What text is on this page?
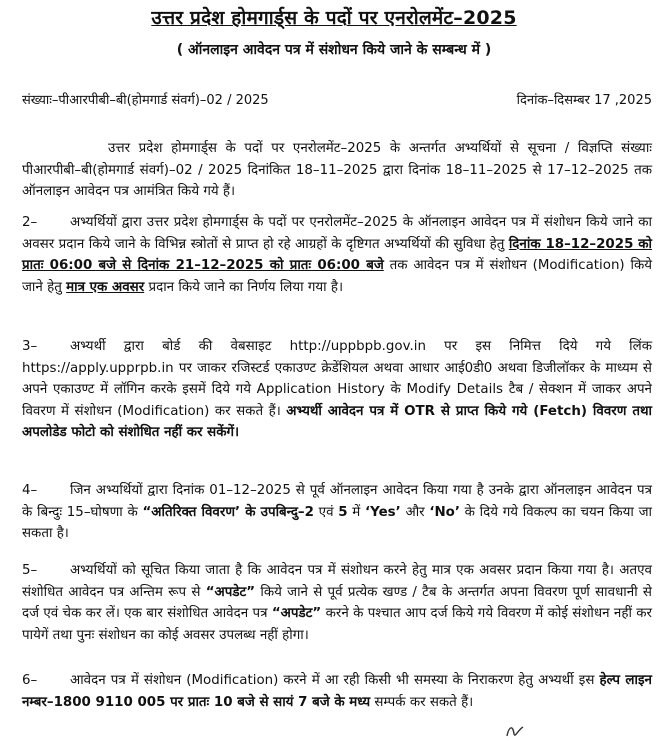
उत्तर प्रदेश होमगार्ड्स के पदों पर एनरोलमेंट–2025
( ऑनलाइन आवेदन पत्र में संशोधन किये जाने के सम्बन्ध में )
संख्याः–पीआरपीबी–बी(होमगार्ड संवर्ग)–02 / 2025	दिनांक–दिसम्बर 17 ,2025

उत्तर प्रदेश होमगार्ड्स के पदों पर एनरोलमेंट–2025 के अन्तर्गत अभ्यर्थियों से सूचना / विज्ञप्ति संख्याः पीआरपीबी–बी(होमगार्ड संवर्ग)–02 / 2025 दिनांकित 18–11–2025 द्वारा दिनांक 18–11–2025 से 17–12–2025 तक ऑनलाइन आवेदन पत्र आमंत्रित किये गये हैं।

2– अभ्यर्थियों द्वारा उत्तर प्रदेश होमगार्ड्स के पदों पर एनरोलमेंट–2025 के ऑनलाइन आवेदन पत्र में संशोधन किये जाने का अवसर प्रदान किये जाने के विभिन्न स्त्रोतों से प्राप्त हो रहे आग्रहों के दृष्टिगत अभ्यर्थियों की सुविधा हेतु दिनांक 18–12–2025 को प्रातः 06:00 बजे से दिनांक 21–12–2025 को प्रातः 06:00 बजे तक आवेदन पत्र में संशोधन (Modification) किये जाने हेतु मात्र एक अवसर प्रदान किये जाने का निर्णय लिया गया है।

3– अभ्यर्थी द्वारा बोर्ड की वेबसाइट http://uppbpb.gov.in पर इस निमित्त दिये गये लिंक https://apply.upprpb.in पर जाकर रजिस्टर्ड एकाउण्ट क्रेडेंशियल अथवा आधार आई0डी0 अथवा डिजीलॉकर के माध्यम से अपने एकाउण्ट में लॉगिन करके इसमें दिये गये Application History के Modify Details टैब / सेक्शन में जाकर अपने विवरण में संशोधन (Modification) कर सकते हैं। अभ्यर्थी आवेदन पत्र में OTR से प्राप्त किये गये (Fetch) विवरण तथा अपलोडेड फोटो को संशोधित नहीं कर सकेंगें।

4– जिन अभ्यर्थियों द्वारा दिनांक 01–12–2025 से पूर्व ऑनलाइन आवेदन किया गया है उनके द्वारा ऑनलाइन आवेदन पत्र के बिन्दुः 15–घोषणा के “अतिरिक्त विवरण’ के उपबिन्दु–2 एवं 5 में ‘Yes’ और ‘No’ के दिये गये विकल्प का चयन किया जा सकता है।

5– अभ्यर्थियों को सूचित किया जाता है कि आवेदन पत्र में संशोधन करने हेतु मात्र एक अवसर प्रदान किया गया है। अतएव संशोधित आवेदन पत्र अन्तिम रूप से “अपडेट” किये जाने से पूर्व प्रत्येक खण्ड / टैब के अन्तर्गत अपना विवरण पूर्ण सावधानी से दर्ज एवं चेक कर लें। एक बार संशोधित आवेदन पत्र “अपडेट” करने के पश्चात आप दर्ज किये गये विवरण में कोई संशोधन नहीं कर पायेगें तथा पुनः संशोधन का कोई अवसर उपलब्ध नहीं होगा।

6– आवेदन पत्र में संशोधन (Modification) करने में आ रही किसी भी समस्या के निराकरण हेतु अभ्यर्थी इस हेल्प लाइन नम्बर–1800 9110 005 पर प्रातः 10 बजे से सायं 7 बजे के मध्य सम्पर्क कर सकते हैं।
